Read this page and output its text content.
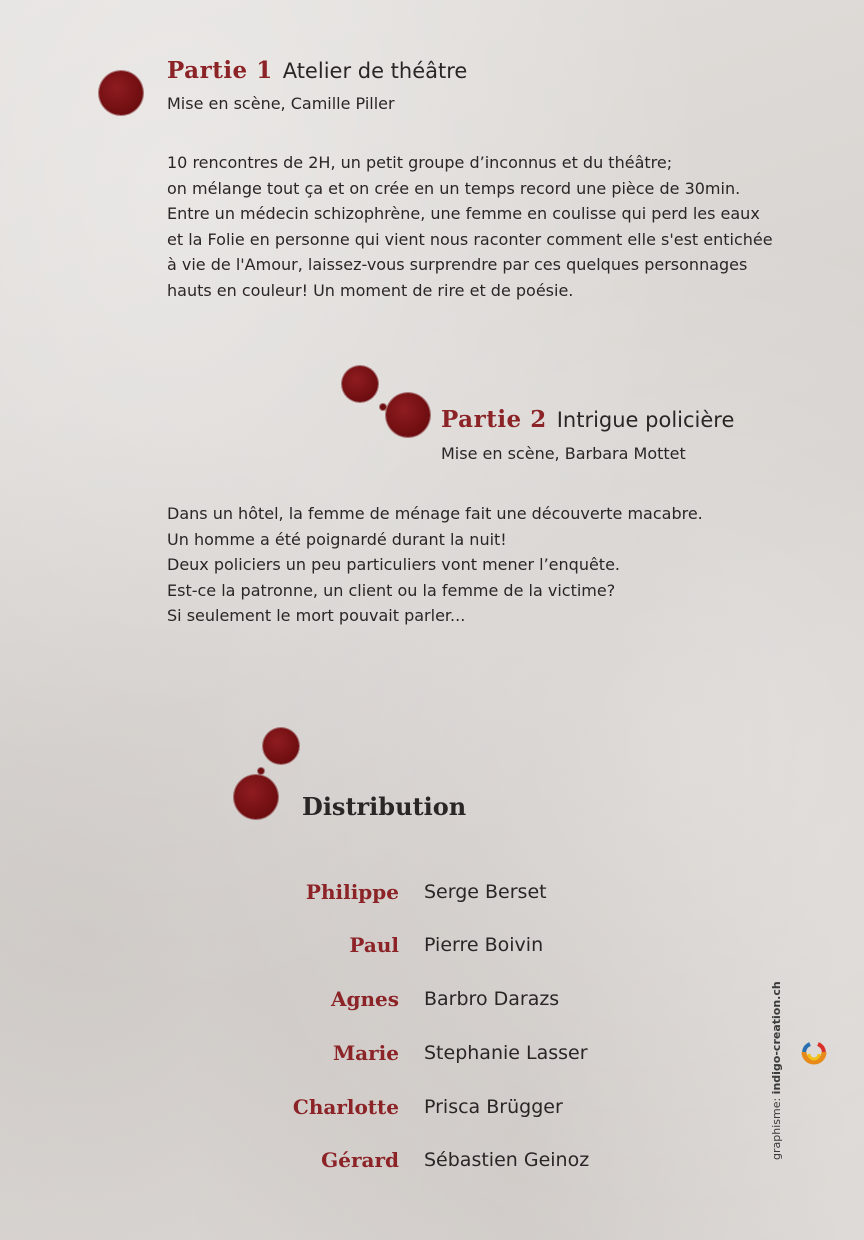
Partie 1 Atelier de théâtre
Mise en scène, Camille Piller
10 rencontres de 2H, un petit groupe d’inconnus et du théâtre;
on mélange tout ça et on crée en un temps record une pièce de 30min.
Entre un médecin schizophrène, une femme en coulisse qui perd les eaux
et la Folie en personne qui vient nous raconter comment elle s'est entichée
à vie de l'Amour, laissez-vous surprendre par ces quelques personnages
hauts en couleur! Un moment de rire et de poésie.
Partie 2 Intrigue policière
Mise en scène, Barbara Mottet
Dans un hôtel, la femme de ménage fait une découverte macabre.
Un homme a été poignardé durant la nuit!
Deux policiers un peu particuliers vont mener l’enquête.
Est-ce la patronne, un client ou la femme de la victime?
Si seulement le mort pouvait parler...
Distribution
Philippe Serge Berset
Paul Pierre Boivin
Agnes Barbro Darazs
Marie Stephanie Lasser
Charlotte Prisca Brügger
Gérard Sébastien Geinoz	graphisme: indigo-creation.ch
